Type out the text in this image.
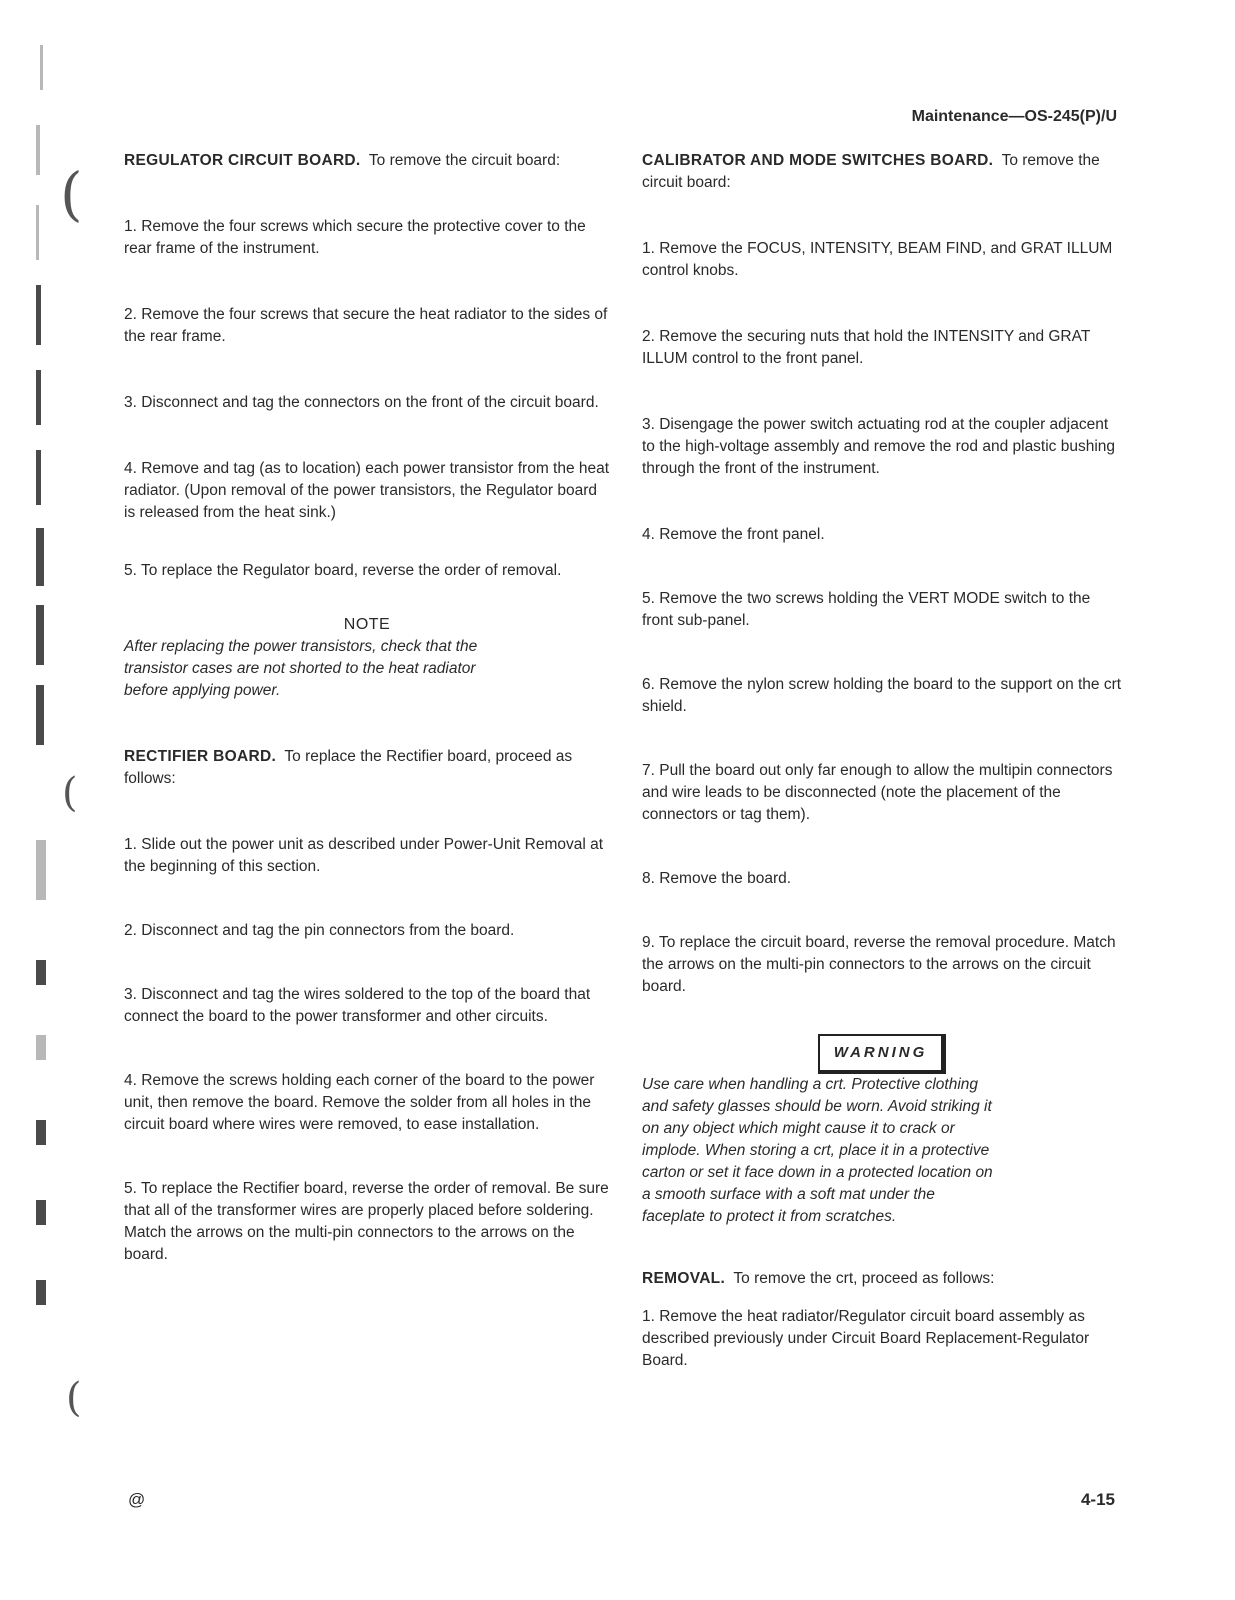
(
(
(
Maintenance—OS-245(P)/U

REGULATOR CIRCUIT BOARD. To remove the circuit board:

1. Remove the four screws which secure the protective cover to the rear frame of the instrument.

2. Remove the four screws that secure the heat radiator to the sides of the rear frame.

3. Disconnect and tag the connectors on the front of the circuit board.

4. Remove and tag (as to location) each power transistor from the heat radiator. (Upon removal of the power transistors, the Regulator board is released from the heat sink.)

5. To replace the Regulator board, reverse the order of removal.

NOTE

After replacing the power transistors, check that the transistor cases are not shorted to the heat radiator before applying power.

RECTIFIER BOARD. To replace the Rectifier board, proceed as follows:

1. Slide out the power unit as described under Power-Unit Removal at the beginning of this section.

2. Disconnect and tag the pin connectors from the board.

3. Disconnect and tag the wires soldered to the top of the board that connect the board to the power transformer and other circuits.

4. Remove the screws holding each corner of the board to the power unit, then remove the board. Remove the solder from all holes in the circuit board where wires were removed, to ease installation.

5. To replace the Rectifier board, reverse the order of removal. Be sure that all of the transformer wires are properly placed before soldering. Match the arrows on the multi-pin connectors to the arrows on the board.

CALIBRATOR AND MODE SWITCHES BOARD. To remove the circuit board:

1. Remove the FOCUS, INTENSITY, BEAM FIND, and GRAT ILLUM control knobs.

2. Remove the securing nuts that hold the INTENSITY and GRAT ILLUM control to the front panel.

3. Disengage the power switch actuating rod at the coupler adjacent to the high-voltage assembly and remove the rod and plastic bushing through the front of the instrument.

4. Remove the front panel.

5. Remove the two screws holding the VERT MODE switch to the front sub-panel.

6. Remove the nylon screw holding the board to the support on the crt shield.

7. Pull the board out only far enough to allow the multipin connectors and wire leads to be disconnected (note the placement of the connectors or tag them).

8. Remove the board.

9. To replace the circuit board, reverse the removal procedure. Match the arrows on the multi-pin connectors to the arrows on the circuit board.

WARNING

Use care when handling a crt. Protective clothing and safety glasses should be worn. Avoid striking it on any object which might cause it to crack or implode. When storing a crt, place it in a protective carton or set it face down in a protected location on a smooth surface with a soft mat under the faceplate to protect it from scratches.

REMOVAL. To remove the crt, proceed as follows:

1. Remove the heat radiator/Regulator circuit board assembly as described previously under Circuit Board Replacement-Regulator Board.

@	4-15
